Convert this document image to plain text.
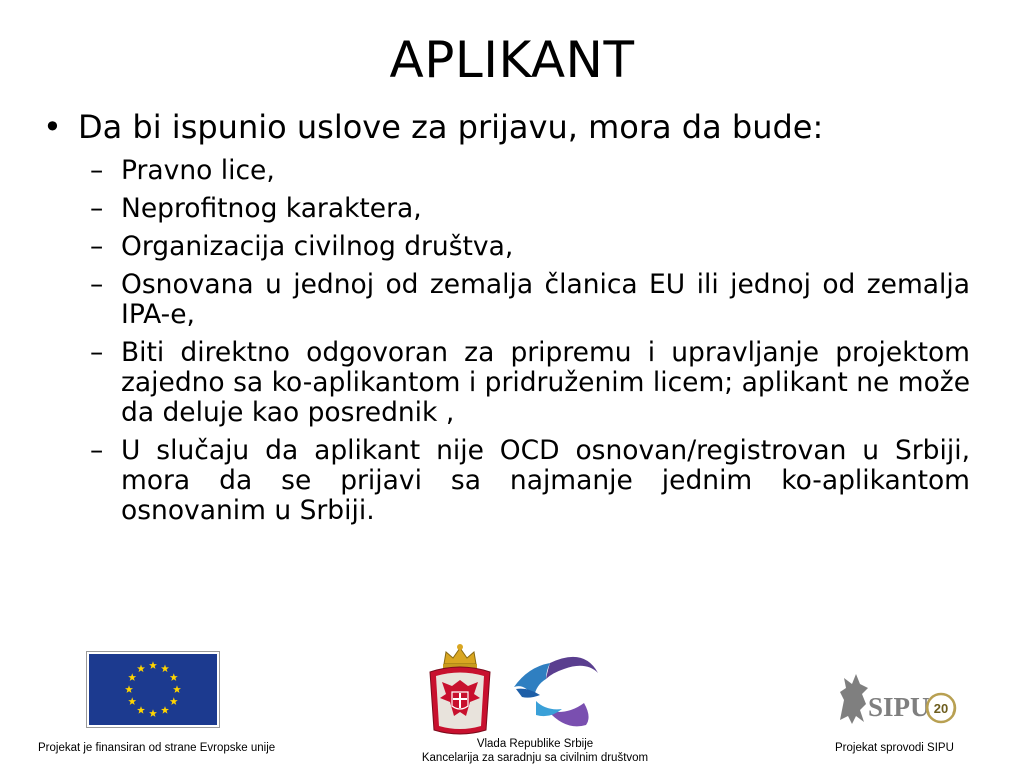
APLIKANT
• Da bi ispunio uslove za prijavu, mora da bude:
– Pravno lice,
– Neprofitnog karaktera,
– Organizacija civilnog društva,
– Osnovana u jednoj od zemalja članica EU ili jednoj od zemalja IPA-e,
– Biti direktno odgovoran za pripremu i upravljanje projektom zajedno sa ko-aplikantom i pridruženim licem; aplikant ne može da deluje kao posrednik ,
– U slučaju da aplikant nije OCD osnovan/registrovan u Srbiji, mora da se prijavi sa najmanje jednim ko-aplikantom osnovanim u Srbiji.
SIPU 20
Projekat je finansiran od strane Evropske unije	Vlada Republike Srbije
Kancelarija za saradnju sa civilnim društvom
Projekat sprovodi SIPU
